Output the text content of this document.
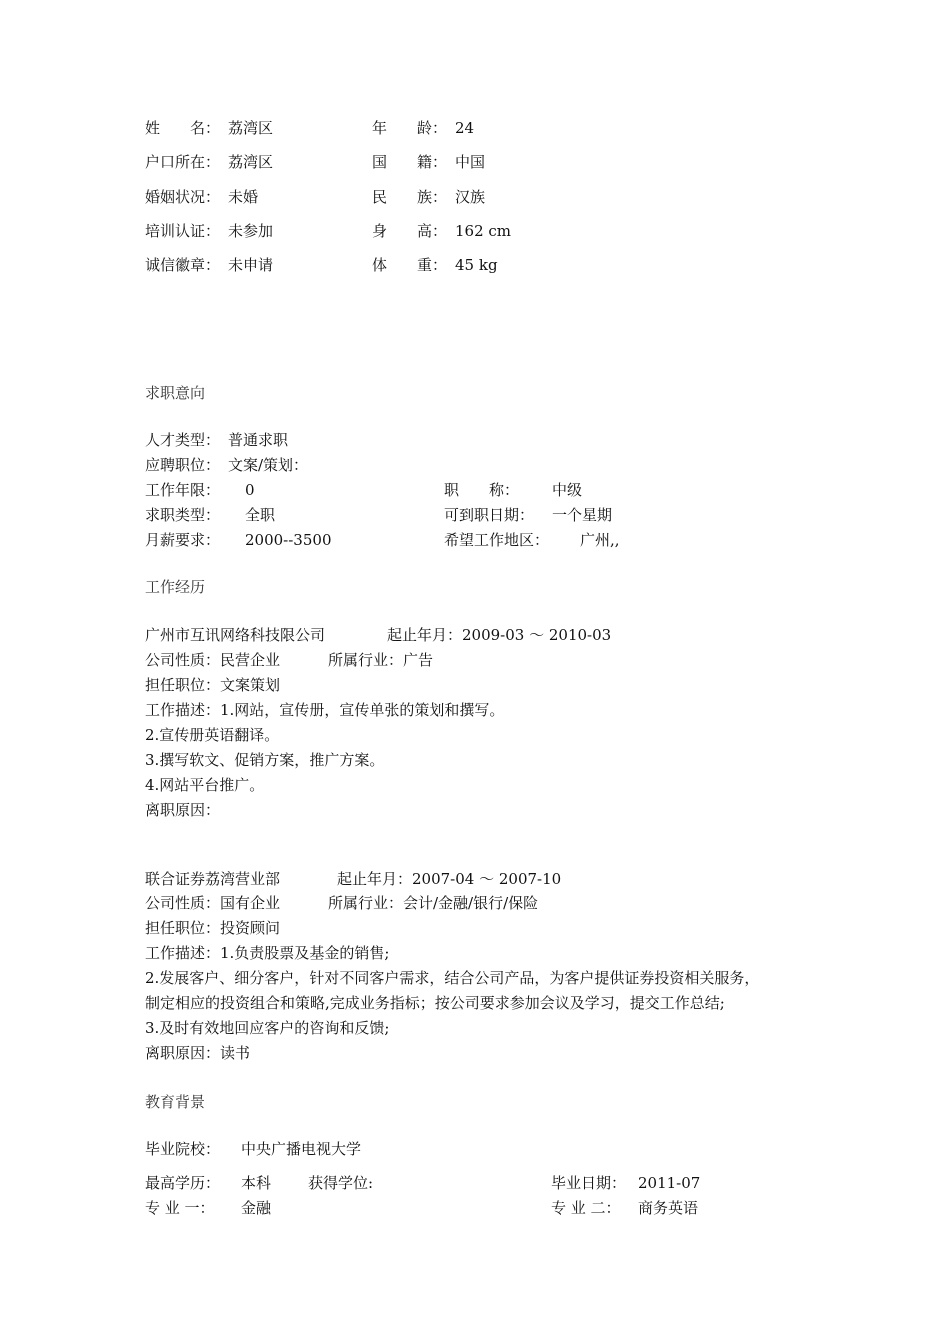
姓　　名： 荔湾区	年　　龄： 24
户口所在： 荔湾区	国　　籍： 中国
婚姻状况： 未婚	民　　族： 汉族
培训认证： 未参加	身　　高： 162 cm
诚信徽章： 未申请	体　　重： 45 kg
求职意向
人才类型： 普通求职
应聘职位： 文案/策划：
工作年限： 0	职　　称： 中级
求职类型： 全职	可到职日期： 一个星期
月薪要求： 2000--3500	希望工作地区： 广州,,
工作经历
广州市互讯网络科技限公司	起止年月：2009-03 ～ 2010-03
公司性质：民营企业	所属行业：广告
担任职位：文案策划
工作描述：1.网站，宣传册，宣传单张的策划和撰写。
2.宣传册英语翻译。
3.撰写软文、促销方案，推广方案。
4.网站平台推广。
离职原因：
联合证券荔湾营业部	起止年月：2007-04 ～ 2007-10
公司性质：国有企业	所属行业：会计/金融/银行/保险
担任职位：投资顾问
工作描述：1.负责股票及基金的销售;
2.发展客户、细分客户，针对不同客户需求，结合公司产品，为客户提供证券投资相关服务，
制定相应的投资组合和策略,完成业务指标；按公司要求参加会议及学习，提交工作总结;
3.及时有效地回应客户的咨询和反馈;
离职原因：读书
教育背景
毕业院校： 中央广播电视大学
最高学历： 本科 获得学位:	毕业日期： 2011-07
专 业 一： 金融	专 业 二： 商务英语
